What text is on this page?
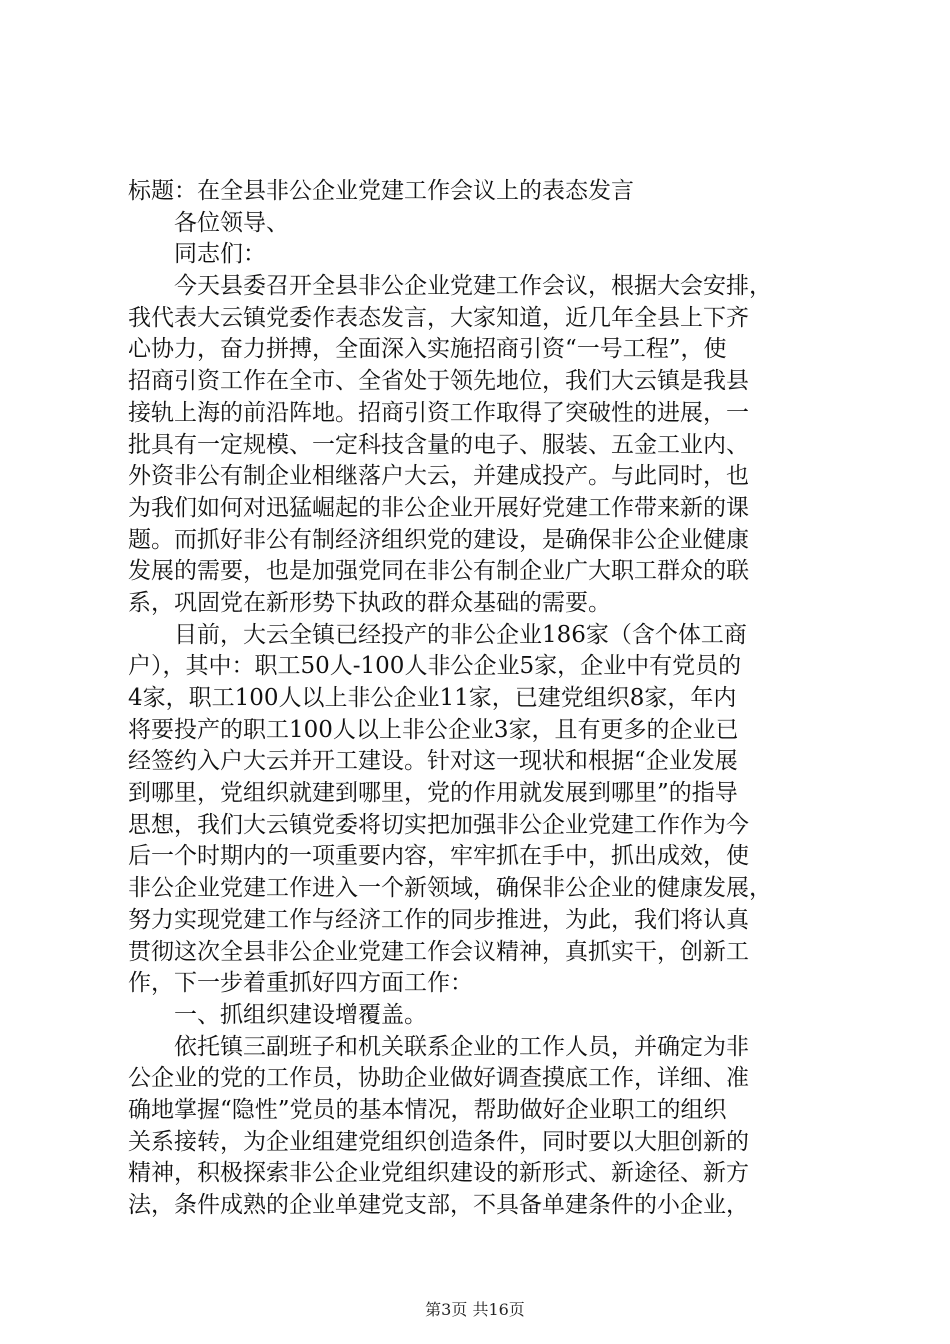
标题：在全县非公企业党建工作会议上的表态发言
各位领导、
同志们：
今天县委召开全县非公企业党建工作会议，根据大会安排，
我代表大云镇党委作表态发言，大家知道，近几年全县上下齐
心协力，奋力拼搏，全面深入实施招商引资“一号工程”，使
招商引资工作在全市、全省处于领先地位，我们大云镇是我县
接轨上海的前沿阵地。招商引资工作取得了突破性的进展，一
批具有一定规模、一定科技含量的电子、服装、五金工业内、
外资非公有制企业相继落户大云，并建成投产。与此同时，也
为我们如何对迅猛崛起的非公企业开展好党建工作带来新的课
题。而抓好非公有制经济组织党的建设，是确保非公企业健康
发展的需要，也是加强党同在非公有制企业广大职工群众的联
系，巩固党在新形势下执政的群众基础的需要。
目前，大云全镇已经投产的非公企业186家（含个体工商
户），其中：职工50人-100人非公企业5家，企业中有党员的
4家，职工100人以上非公企业11家，已建党组织8家，年内
将要投产的职工100人以上非公企业3家，且有更多的企业已
经签约入户大云并开工建设。针对这一现状和根据“企业发展
到哪里，党组织就建到哪里，党的作用就发展到哪里”的指导
思想，我们大云镇党委将切实把加强非公企业党建工作作为今
后一个时期内的一项重要内容，牢牢抓在手中，抓出成效，使
非公企业党建工作进入一个新领域，确保非公企业的健康发展，
努力实现党建工作与经济工作的同步推进，为此，我们将认真
贯彻这次全县非公企业党建工作会议精神，真抓实干，创新工
作，下一步着重抓好四方面工作：
一、抓组织建设增覆盖。
依托镇三副班子和机关联系企业的工作人员，并确定为非
公企业的党的工作员，协助企业做好调查摸底工作，详细、准
确地掌握“隐性”党员的基本情况，帮助做好企业职工的组织
关系接转，为企业组建党组织创造条件，同时要以大胆创新的
精神，积极探索非公企业党组织建设的新形式、新途径、新方
法，条件成熟的企业单建党支部，不具备单建条件的小企业，
第3页 共16页
